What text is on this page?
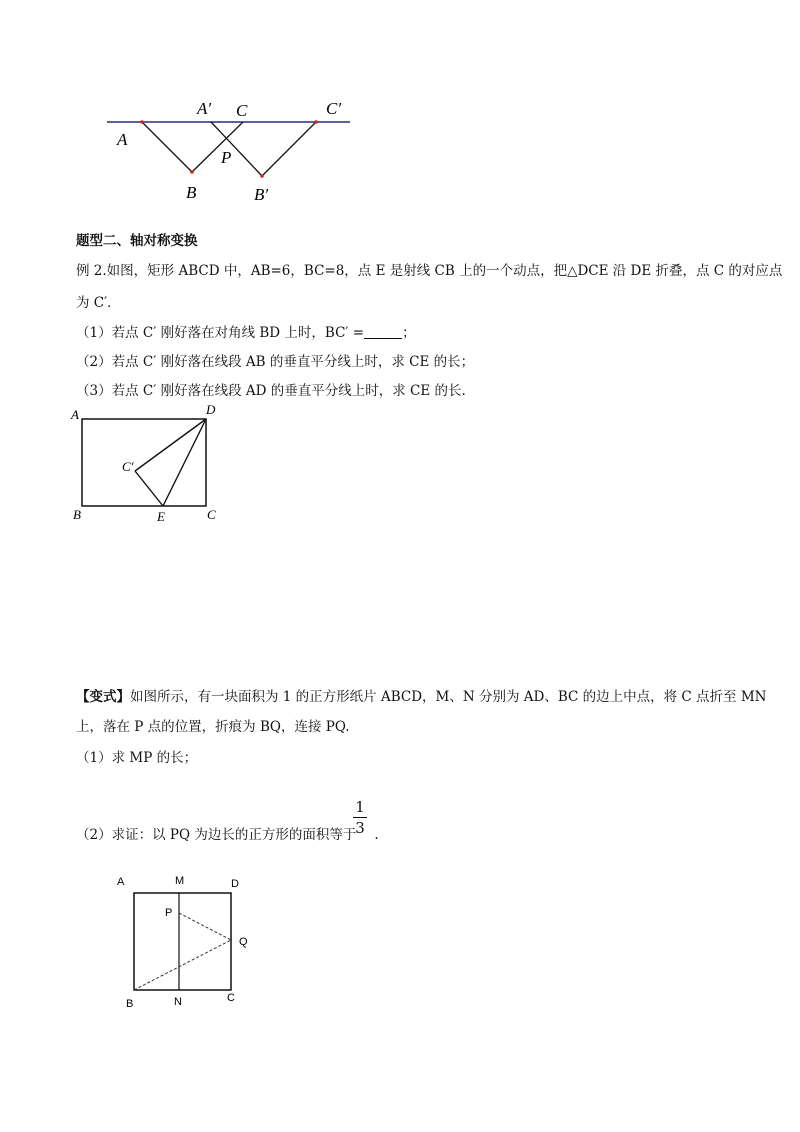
A
A′ C	C′
P
B	B′
题型二、轴对称变换
例 2.如图，矩形 ABCD 中，AB=6，BC=8，点 E 是射线 CB 上的一个动点，把△DCE 沿 DE 折叠，点 C 的对应点
为 C′．
（1）若点 C′ 刚好落在对角线 BD 上时，BC′ =	；
（2）若点 C′ 刚好落在线段 AB 的垂直平分线上时，求 CE 的长；
（3）若点 C′ 刚好落在线段 AD 的垂直平分线上时，求 CE 的长.
A	D
C′
B	E	C
【变式】如图所示，有一块面积为 1 的正方形纸片 ABCD，M、N 分别为 AD、BC 的边上中点，将 C 点折至 MN
上，落在 P 点的位置，折痕为 BQ，连接 PQ.
（1）求 MP 的长；
（2）求证：以 PQ 为边长的正方形的面积等于 .
1
3
A	M	D
P
Q
B	N	C
